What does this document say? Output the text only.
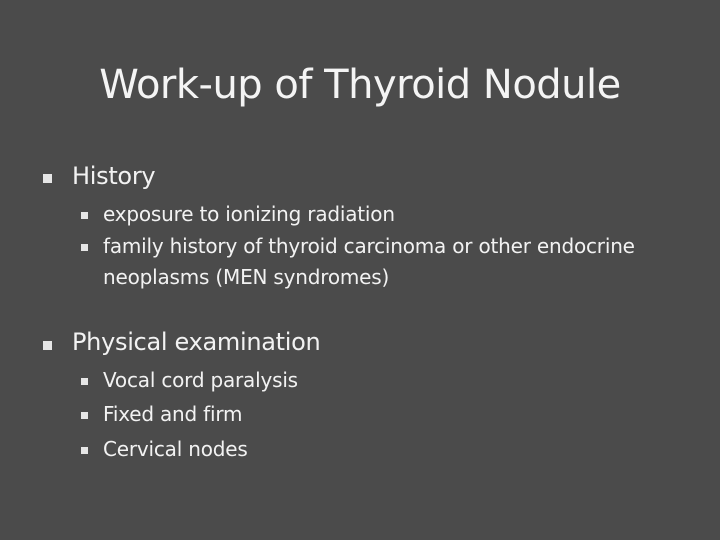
Work-up of Thyroid Nodule
History
exposure to ionizing radiation
family history of thyroid carcinoma or other endocrine neoplasms (MEN syndromes)
Physical examination
Vocal cord paralysis
Fixed and firm
Cervical nodes
